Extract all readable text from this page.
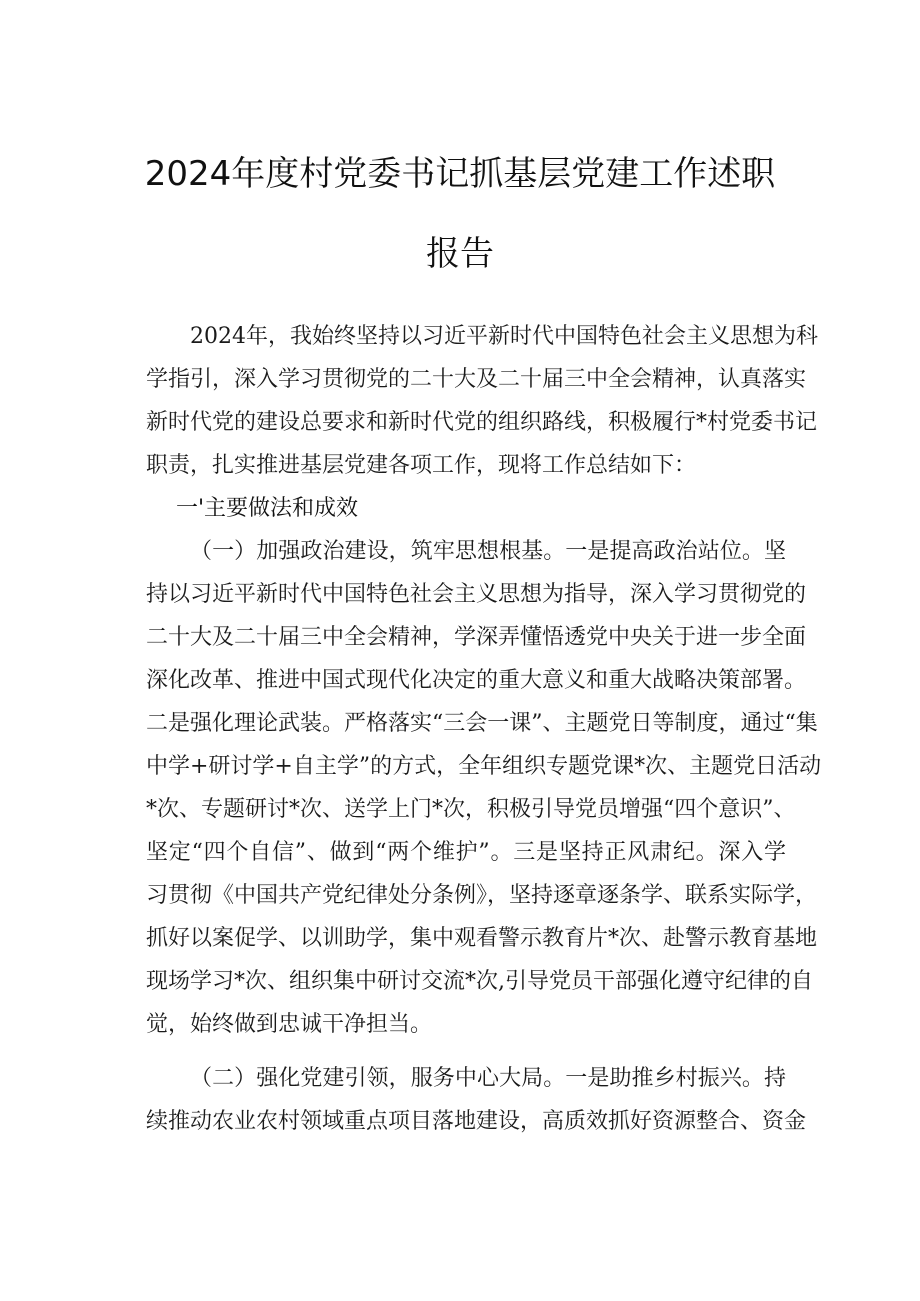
2024年度村党委书记抓基层党建工作述职
报告
2024年，我始终坚持以习近平新时代中国特色社会主义思想为科
学指引，深入学习贯彻党的二十大及二十届三中全会精神，认真落实
新时代党的建设总要求和新时代党的组织路线，积极履行*村党委书记
职责，扎实推进基层党建各项工作，现将工作总结如下：
一'主要做法和成效
（一）加强政治建设，筑牢思想根基。一是提高政治站位。坚
持以习近平新时代中国特色社会主义思想为指导，深入学习贯彻党的
二十大及二十届三中全会精神，学深弄懂悟透党中央关于进一步全面
深化改革、推进中国式现代化决定的重大意义和重大战略决策部署。
二是强化理论武装。严格落实“三会一课”、主题党日等制度，通过“集
中学+研讨学+自主学”的方式，全年组织专题党课*次、主题党日活动
*次、专题研讨*次、送学上门*次，积极引导党员增强“四个意识”、
坚定“四个自信”、做到“两个维护”。三是坚持正风肃纪。深入学
习贯彻《中国共产党纪律处分条例》，坚持逐章逐条学、联系实际学，
抓好以案促学、以训助学，集中观看警示教育片*次、赴警示教育基地
现场学习*次、组织集中研讨交流*次,引导党员干部强化遵守纪律的自
觉，始终做到忠诚干净担当。
（二）强化党建引领，服务中心大局。一是助推乡村振兴。持
续推动农业农村领域重点项目落地建设，高质效抓好资源整合、资金
